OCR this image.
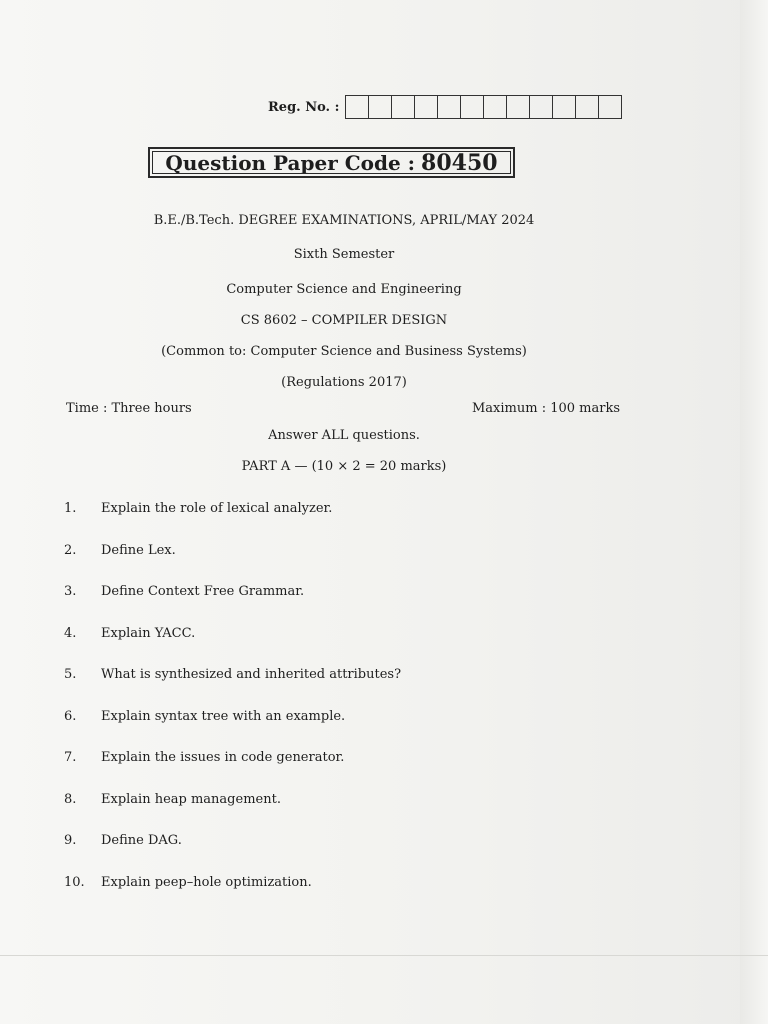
Reg. No. :
Question Paper Code : 80450
B.E./B.Tech. DEGREE EXAMINATIONS, APRIL/MAY 2024
Sixth Semester
Computer Science and Engineering
CS 8602 – COMPILER DESIGN
(Common to: Computer Science and Business Systems)
(Regulations 2017)
Time : Three hours	Maximum : 100 marks
Answer ALL questions.
PART A — (10 × 2 = 20 marks)
1.	Explain the role of lexical analyzer.
2.	Define Lex.
3.	Define Context Free Grammar.
4.	Explain YACC.
5.	What is synthesized and inherited attributes?
6.	Explain syntax tree with an example.
7.	Explain the issues in code generator.
8.	Explain heap management.
9.	Define DAG.
10.	Explain peep–hole optimization.
